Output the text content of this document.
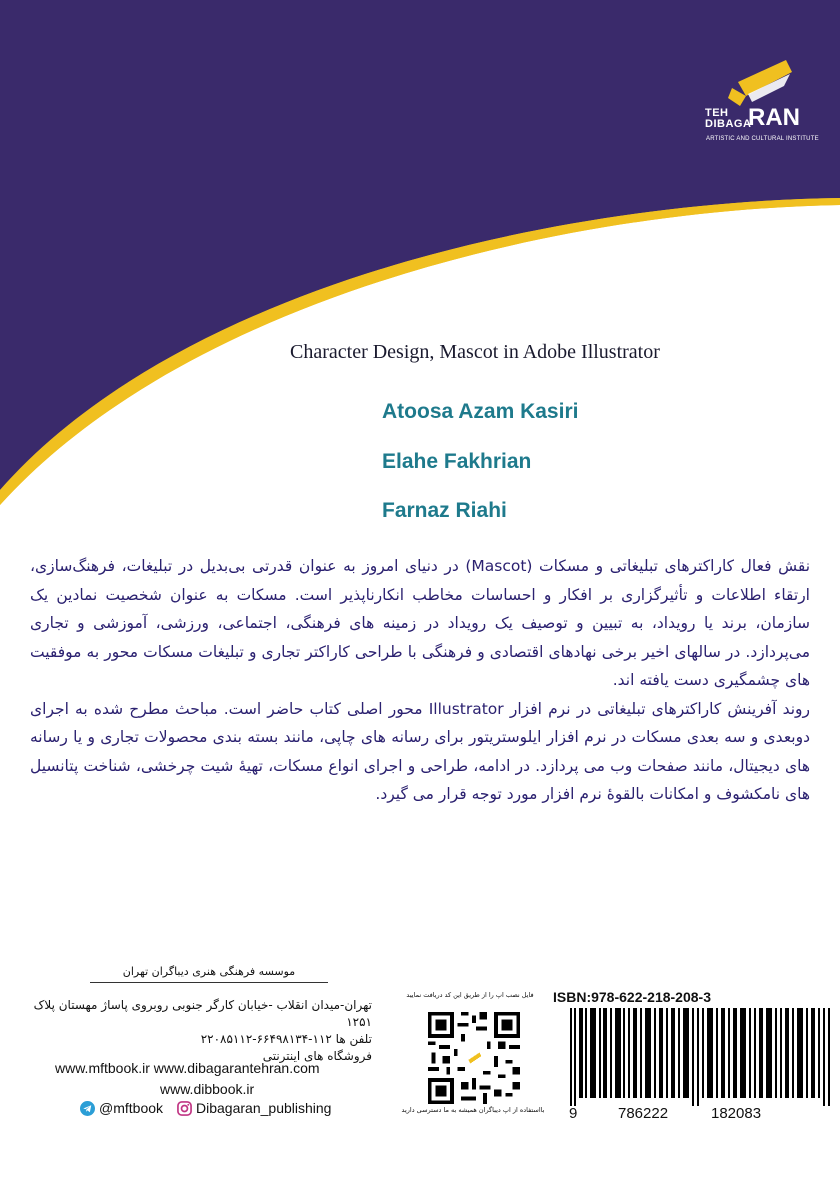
TEH
DIBAGA
RAN
ARTISTIC AND CULTURAL INSTITUTE
Character Design, Mascot in Adobe Illustrator
Atoosa Azam Kasiri
Elahe Fakhrian
Farnaz Riahi

نقش فعال کاراکترهای تبلیغاتی و مسکات (Mascot) در دنیای امروز به عنوان قدرتی بی‌بدیل در تبلیغات، فرهنگ‌سازی، ارتقاء اطلاعات و تأثیرگزاری بر افکار و احساسات مخاطب انکارناپذیر است. مسکات به عنوان شخصیت نمادین یک سازمان، برند یا رویداد، به تبیین و توصیف یک رویداد در زمینه های فرهنگی، اجتماعی، ورزشی، آموزشی و تجاری می‌پردازد. در سالهای اخیر برخی نهادهای اقتصادی و فرهنگی با طراحی کاراکتر تجاری و تبلیغات مسکات محور به موفقیت های چشمگیری دست یافته اند.

روند آفرینش کاراکترهای تبلیغاتی در نرم افزار Illustrator محور اصلی کتاب حاضر است. مباحث مطرح شده به اجرای دوبعدی و سه بعدی مسکات در نرم افزار ایلوستریتور برای رسانه های چاپی، مانند بسته بندی محصولات تجاری و یا رسانه های دیجیتال، مانند صفحات وب می پردازد. در ادامه، طراحی و اجرای انواع مسکات، تهیهٔ شیت چرخشی، شناخت پتانسیل های نامکشوف و امکانات بالقوهٔ نرم افزار مورد توجه قرار می گیرد.

موسسه فرهنگی هنری دیباگران تهران
تهران-میدان انقلاب -خیابان کارگر جنوبی روبروی پاساژ مهستان پلاک ۱۲۵۱
تلفن ها ۱۱۲-۶۶۴۹۸۱۳۴-۲۲۰۸۵۱۱۲
فروشگاه های اینترنتی
www.mftbook.ir www.dibagarantehran.com
www.dibbook.ir
@mftbook Dibagaran_publishing
فایل نصب اپ را از طریق این کد دریافت نمایید
بااستفاده از اپ دیباگران همیشه به ما دسترسی دارید
ISBN:978-622-218-208-3
9	786222	182083
